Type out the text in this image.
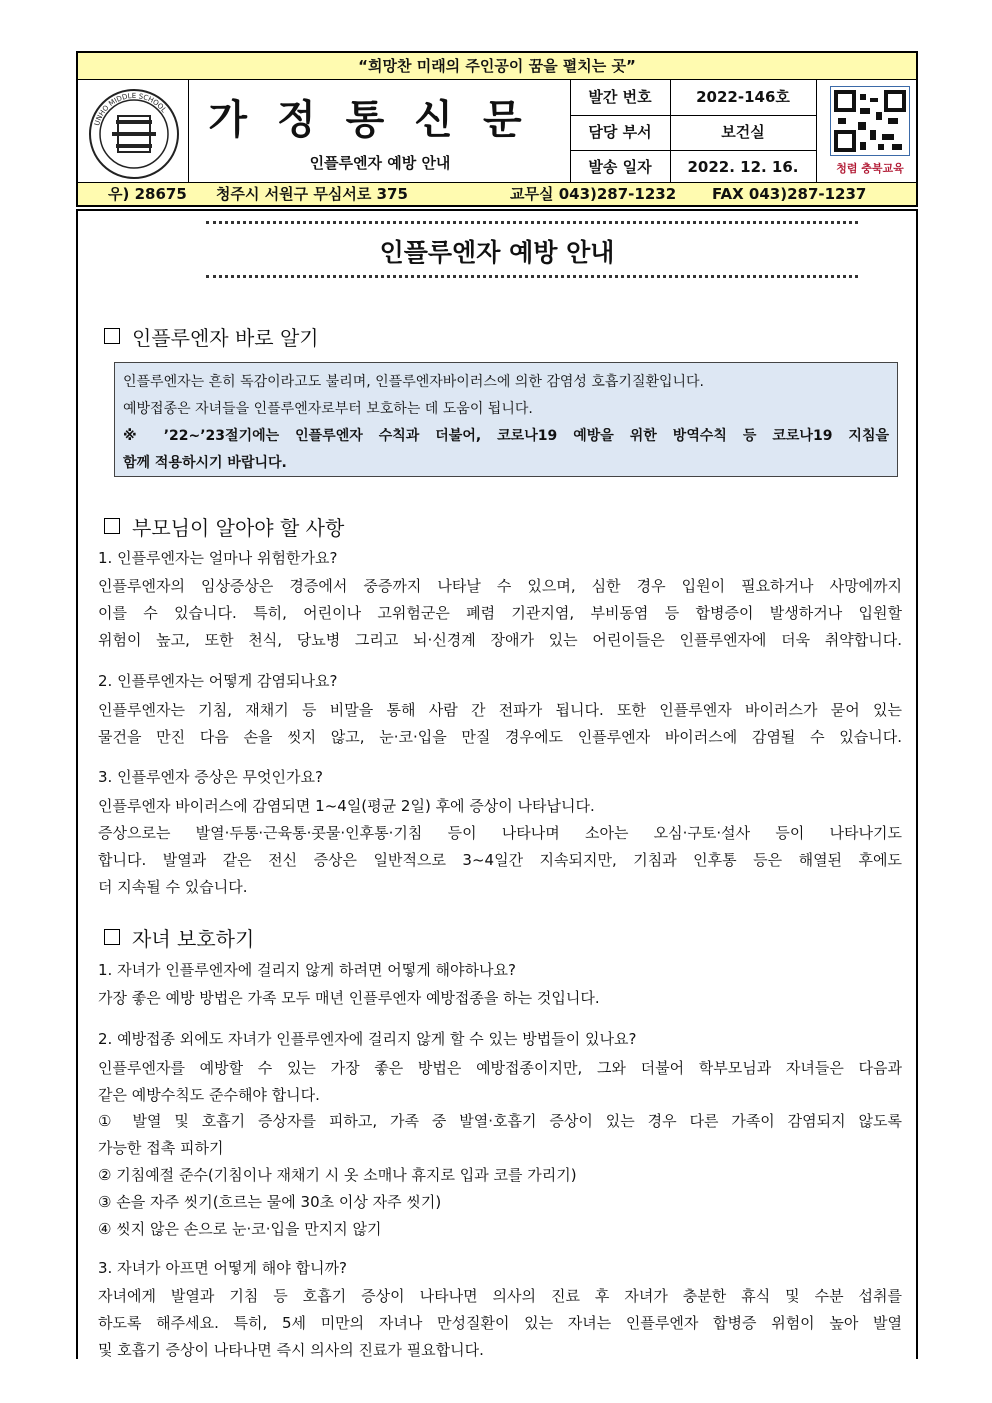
“희망찬 미래의 주인공이 꿈을 펼치는 곳”
UNHO MIDDLE SCHOOL	가정통신문
인플루엔자 예방 안내
발간 번호	2022-146호
담당 부서	보건실
발송 일자	2022. 12. 16.	청렴 충북교육
우) 28675 청주시 서원구 무심서로 375	교무실 043)287-1232 FAX 043)287-1237
인플루엔자 예방 안내
인플루엔자 바로 알기
인플루엔자는 흔히 독감이라고도 불리며, 인플루엔자바이러스에 의한 감염성 호흡기질환입니다.
예방접종은 자녀들을 인플루엔자로부터 보호하는 데 도움이 됩니다.
※ ’22~’23절기에는 인플루엔자 수칙과 더불어, 코로나19 예방을 위한 방역수칙 등 코로나19 지침을
함께 적용하시기 바랍니다.
부모님이 알아야 할 사항
1. 인플루엔자는 얼마나 위험한가요?
인플루엔자의 임상증상은 경증에서 중증까지 나타날 수 있으며, 심한 경우 입원이 필요하거나 사망에까지
이를 수 있습니다. 특히, 어린이나 고위험군은 폐렴 기관지염, 부비동염 등 합병증이 발생하거나 입원할
위험이 높고, 또한 천식, 당뇨병 그리고 뇌·신경계 장애가 있는 어린이들은 인플루엔자에 더욱 취약합니다.
2. 인플루엔자는 어떻게 감염되나요?
인플루엔자는 기침, 재채기 등 비말을 통해 사람 간 전파가 됩니다. 또한 인플루엔자 바이러스가 묻어 있는
물건을 만진 다음 손을 씻지 않고, 눈·코·입을 만질 경우에도 인플루엔자 바이러스에 감염될 수 있습니다.
3. 인플루엔자 증상은 무엇인가요?
인플루엔자 바이러스에 감염되면 1~4일(평균 2일) 후에 증상이 나타납니다.
증상으로는 발열·두통·근육통·콧물·인후통·기침 등이 나타나며 소아는 오심·구토·설사 등이 나타나기도
합니다. 발열과 같은 전신 증상은 일반적으로 3~4일간 지속되지만, 기침과 인후통 등은 해열된 후에도
더 지속될 수 있습니다.
자녀 보호하기
1. 자녀가 인플루엔자에 걸리지 않게 하려면 어떻게 해야하나요?
가장 좋은 예방 방법은 가족 모두 매년 인플루엔자 예방접종을 하는 것입니다.
2. 예방접종 외에도 자녀가 인플루엔자에 걸리지 않게 할 수 있는 방법들이 있나요?
인플루엔자를 예방할 수 있는 가장 좋은 방법은 예방접종이지만, 그와 더불어 학부모님과 자녀들은 다음과
같은 예방수칙도 준수해야 합니다.
① 발열 및 호흡기 증상자를 피하고, 가족 중 발열·호흡기 증상이 있는 경우 다른 가족이 감염되지 않도록
가능한 접촉 피하기
② 기침예절 준수(기침이나 재채기 시 옷 소매나 휴지로 입과 코를 가리기)
③ 손을 자주 씻기(흐르는 물에 30초 이상 자주 씻기)
④ 씻지 않은 손으로 눈·코·입을 만지지 않기
3. 자녀가 아프면 어떻게 해야 합니까?
자녀에게 발열과 기침 등 호흡기 증상이 나타나면 의사의 진료 후 자녀가 충분한 휴식 및 수분 섭취를
하도록 해주세요. 특히, 5세 미만의 자녀나 만성질환이 있는 자녀는 인플루엔자 합병증 위험이 높아 발열
및 호흡기 증상이 나타나면 즉시 의사의 진료가 필요합니다.
